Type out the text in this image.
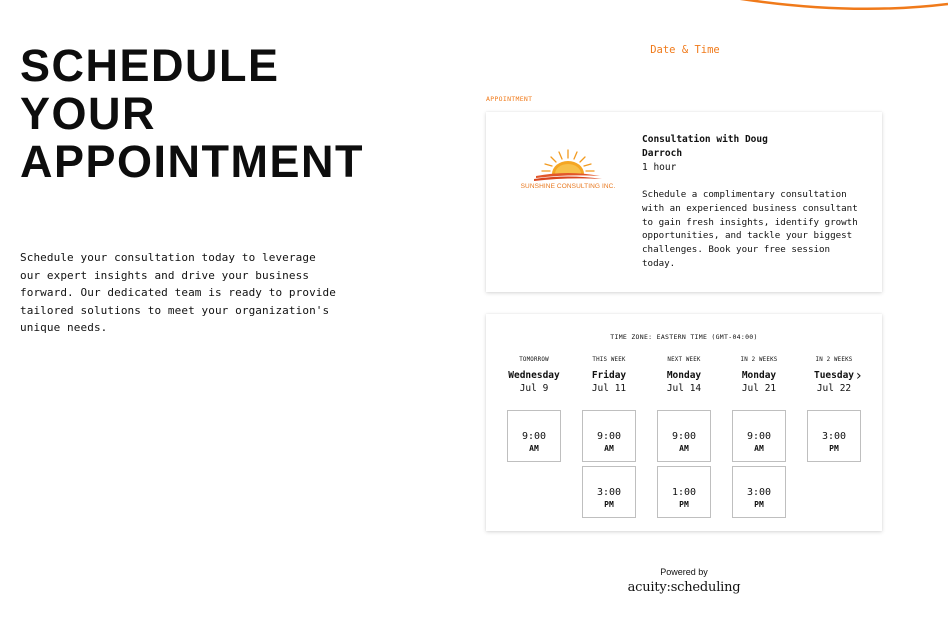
SCHEDULE
YOUR
APPOINTMENT

Schedule your consultation today to leverage our expert insights and drive your business forward. Our dedicated team is ready to provide tailored solutions to meet your organization's unique needs.

Date & Time
APPOINTMENT
SUNSHINE CONSULTING INC.
Consultation with Doug Darroch
1 hour
Schedule a complimentary consultation with an experienced business consultant to gain fresh insights, identify growth opportunities, and tackle your biggest challenges. Book your free session today.
TIME ZONE: EASTERN TIME (GMT-04:00)
TOMORROW
Wednesday
Jul 9
9:00
AM
THIS WEEK
Friday
Jul 11
9:00
AM
3:00
PM
NEXT WEEK
Monday
Jul 14
9:00
AM
1:00
PM
IN 2 WEEKS
Monday
Jul 21
9:00
AM
3:00
PM
IN 2 WEEKS
Tuesday
Jul 22
3:00
PM
›
Powered by
acuity:scheduling
